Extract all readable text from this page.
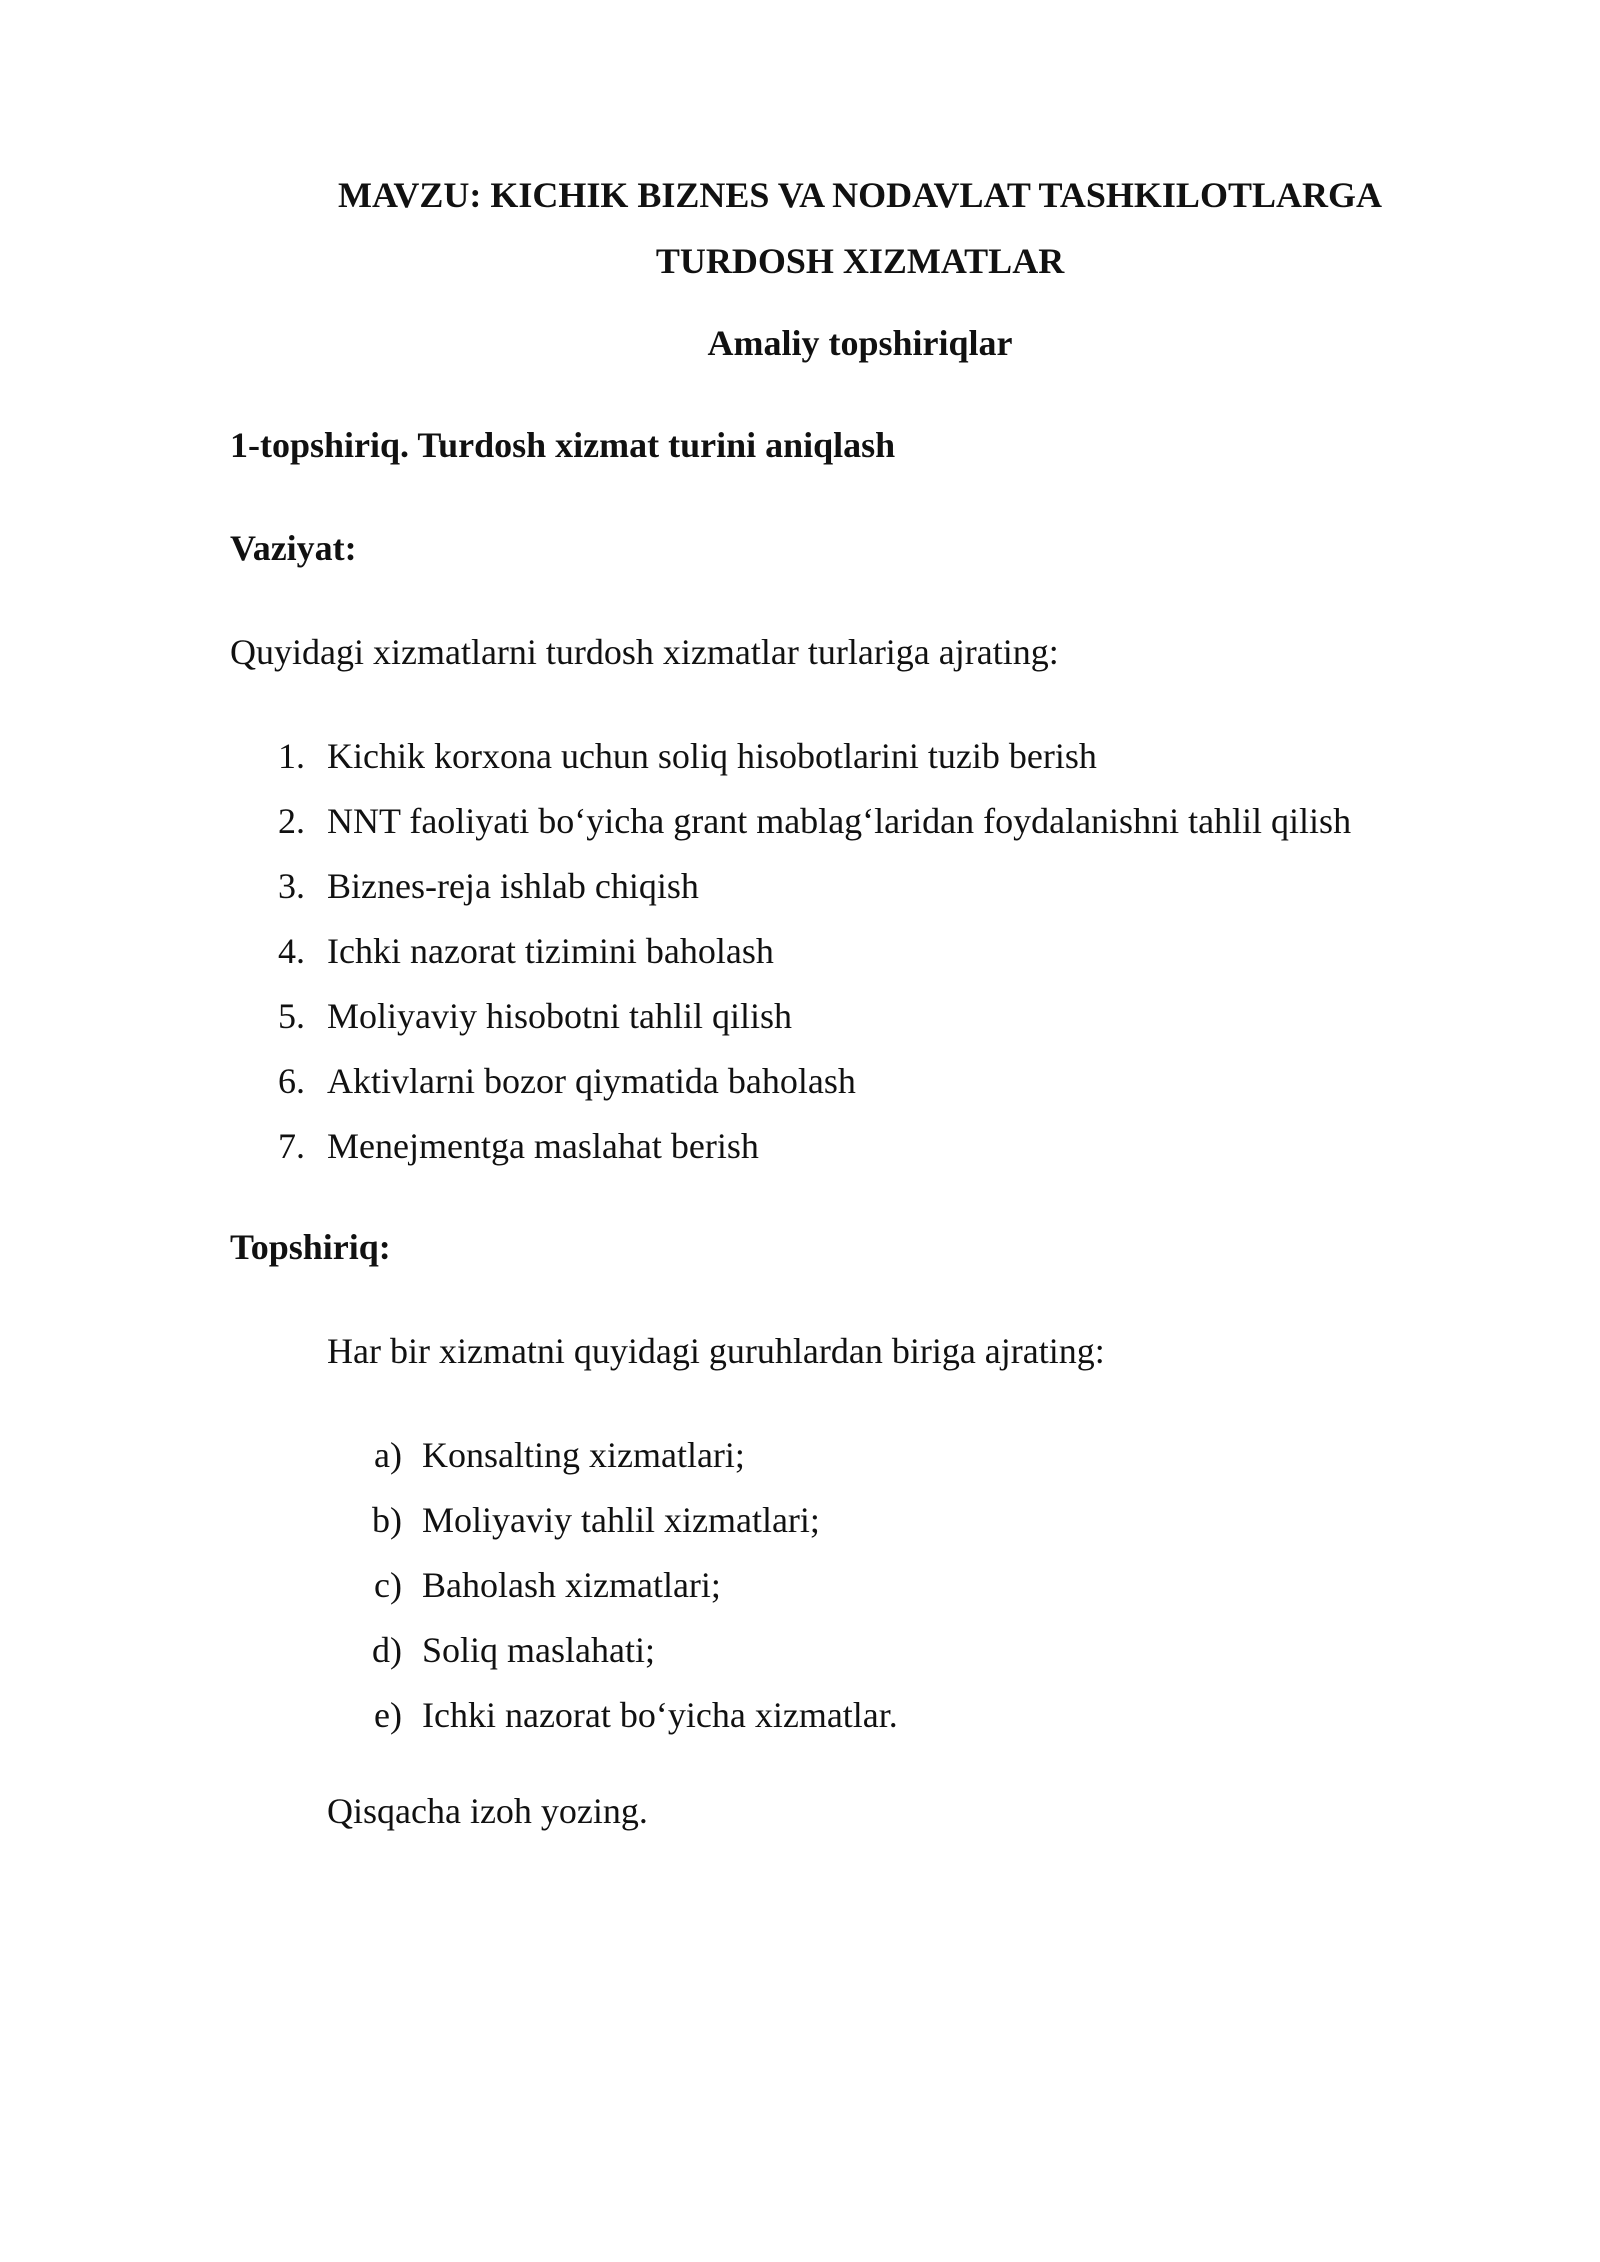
MAVZU: KICHIK BIZNES VA NODAVLAT TASHKILOTLARGA
TURDOSH XIZMATLAR

Amaliy topshiriqlar

1-topshiriq. Turdosh xizmat turini aniqlash

Vaziyat:

Quyidagi xizmatlarni turdosh xizmatlar turlariga ajrating:

1. Kichik korxona uchun soliq hisobotlarini tuzib berish
2. NNT faoliyati bo‘yicha grant mablag‘laridan foydalanishni tahlil qilish
3. Biznes-reja ishlab chiqish
4. Ichki nazorat tizimini baholash
5. Moliyaviy hisobotni tahlil qilish
6. Aktivlarni bozor qiymatida baholash
7. Menejmentga maslahat berish

Topshiriq:

Har bir xizmatni quyidagi guruhlardan biriga ajrating:

a) Konsalting xizmatlari;
b) Moliyaviy tahlil xizmatlari;
c) Baholash xizmatlari;
d) Soliq maslahati;
e) Ichki nazorat bo‘yicha xizmatlar.

Qisqacha izoh yozing.
